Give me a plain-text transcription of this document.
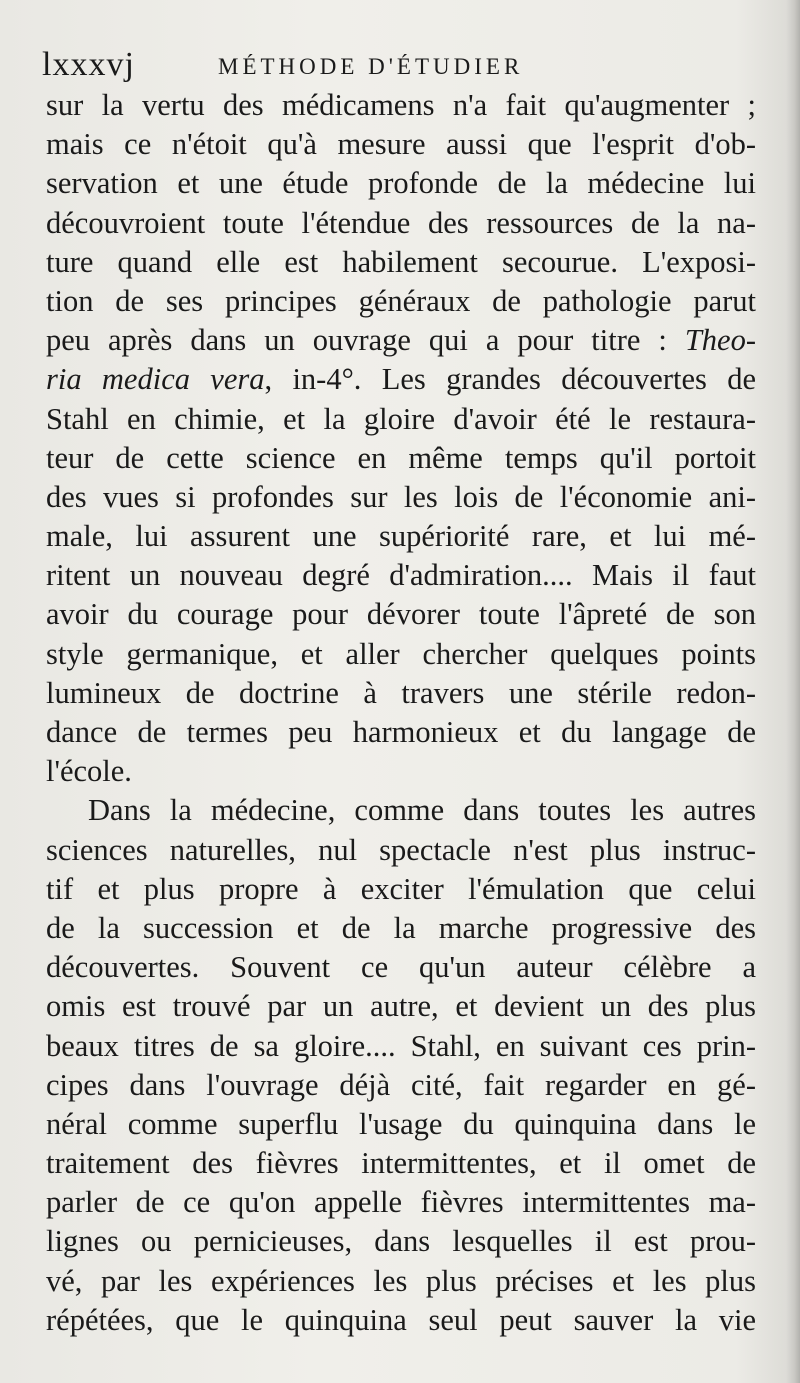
lxxxvj	MÉTHODE D'ÉTUDIER
sur la vertu des médicamens n'a fait qu'augmenter ;
mais ce n'étoit qu'à mesure aussi que l'esprit d'ob-
servation et une étude profonde de la médecine lui
découvroient toute l'étendue des ressources de la na-
ture quand elle est habilement secourue. L'exposi-
tion de ses principes généraux de pathologie parut
peu après dans un ouvrage qui a pour titre : Theo-
ria medica vera, in-4°. Les grandes découvertes de
Stahl en chimie, et la gloire d'avoir été le restaura-
teur de cette science en même temps qu'il portoit
des vues si profondes sur les lois de l'économie ani-
male, lui assurent une supériorité rare, et lui mé-
ritent un nouveau degré d'admiration.... Mais il faut
avoir du courage pour dévorer toute l'âpreté de son
style germanique, et aller chercher quelques points
lumineux de doctrine à travers une stérile redon-
dance de termes peu harmonieux et du langage de
l'école.
Dans la médecine, comme dans toutes les autres
sciences naturelles, nul spectacle n'est plus instruc-
tif et plus propre à exciter l'émulation que celui
de la succession et de la marche progressive des
découvertes. Souvent ce qu'un auteur célèbre a
omis est trouvé par un autre, et devient un des plus
beaux titres de sa gloire.... Stahl, en suivant ces prin-
cipes dans l'ouvrage déjà cité, fait regarder en gé-
néral comme superflu l'usage du quinquina dans le
traitement des fièvres intermittentes, et il omet de
parler de ce qu'on appelle fièvres intermittentes ma-
lignes ou pernicieuses, dans lesquelles il est prou-
vé, par les expériences les plus précises et les plus
répétées, que le quinquina seul peut sauver la vie
